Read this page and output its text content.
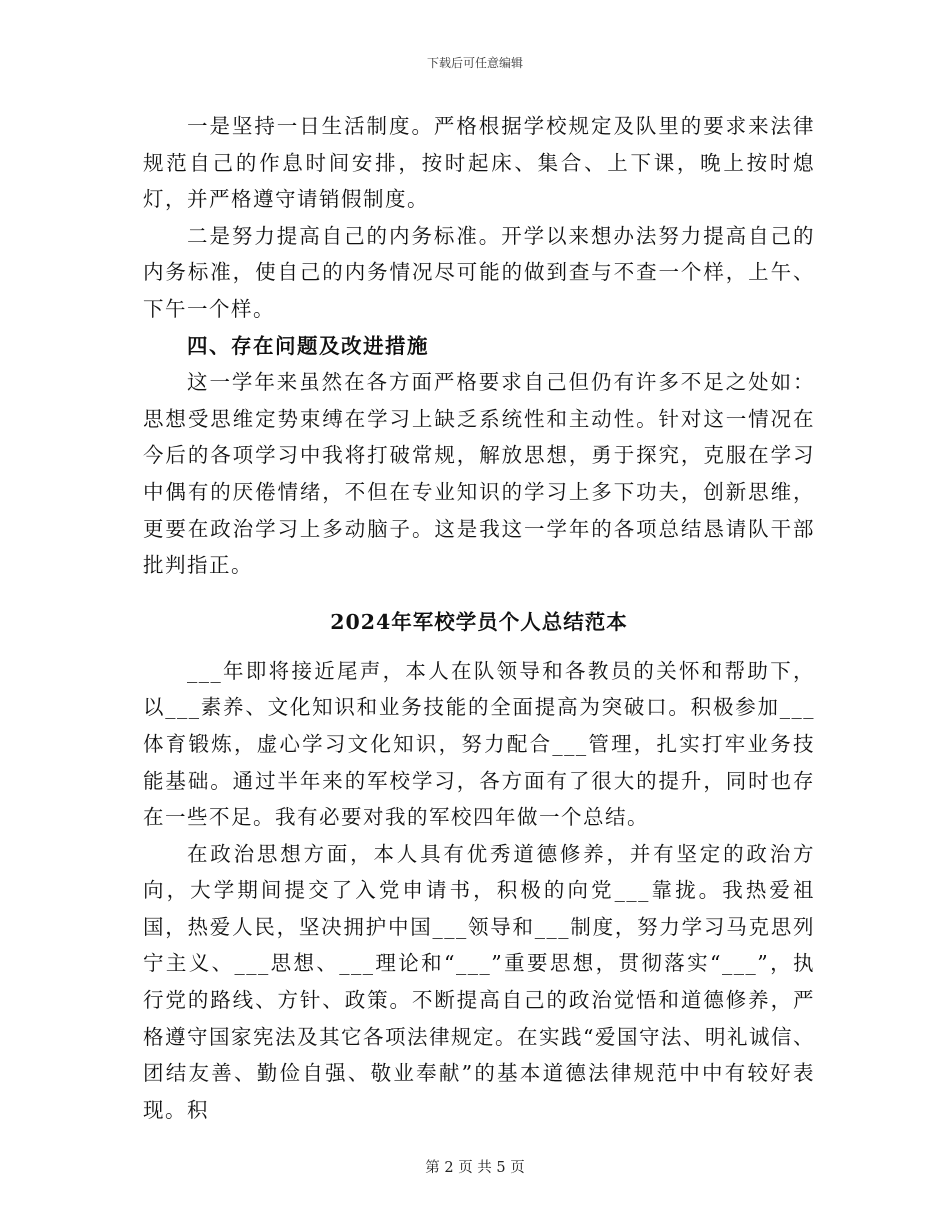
下载后可任意编辑

一是坚持一日生活制度。严格根据学校规定及队里的要求来法律规范自己的作息时间安排，按时起床、集合、上下课，晚上按时熄灯，并严格遵守请销假制度。

二是努力提高自己的内务标准。开学以来想办法努力提高自己的内务标准，使自己的内务情况尽可能的做到查与不查一个样，上午、下午一个样。

四、存在问题及改进措施

这一学年来虽然在各方面严格要求自己但仍有许多不足之处如：思想受思维定势束缚在学习上缺乏系统性和主动性。针对这一情况在今后的各项学习中我将打破常规，解放思想，勇于探究，克服在学习中偶有的厌倦情绪，不但在专业知识的学习上多下功夫，创新思维，更要在政治学习上多动脑子。这是我这一学年的各项总结恳请队干部批判指正。

2024年军校学员个人总结范本

___年即将接近尾声，本人在队领导和各教员的关怀和帮助下，以___素养、文化知识和业务技能的全面提高为突破口。积极参加___体育锻炼，虚心学习文化知识，努力配合___管理，扎实打牢业务技能基础。通过半年来的军校学习，各方面有了很大的提升，同时也存在一些不足。我有必要对我的军校四年做一个总结。

在政治思想方面，本人具有优秀道德修养，并有坚定的政治方向，大学期间提交了入党申请书，积极的向党___靠拢。我热爱祖国，热爱人民，坚决拥护中国___领导和___制度，努力学习马克思列宁主义、___思想、___理论和“___”重要思想，贯彻落实“___”，执行党的路线、方针、政策。不断提高自己的政治觉悟和道德修养，严格遵守国家宪法及其它各项法律规定。在实践“爱国守法、明礼诚信、团结友善、勤俭自强、敬业奉献”的基本道德法律规范中中有较好表现。积

第 2 页 共 5 页
